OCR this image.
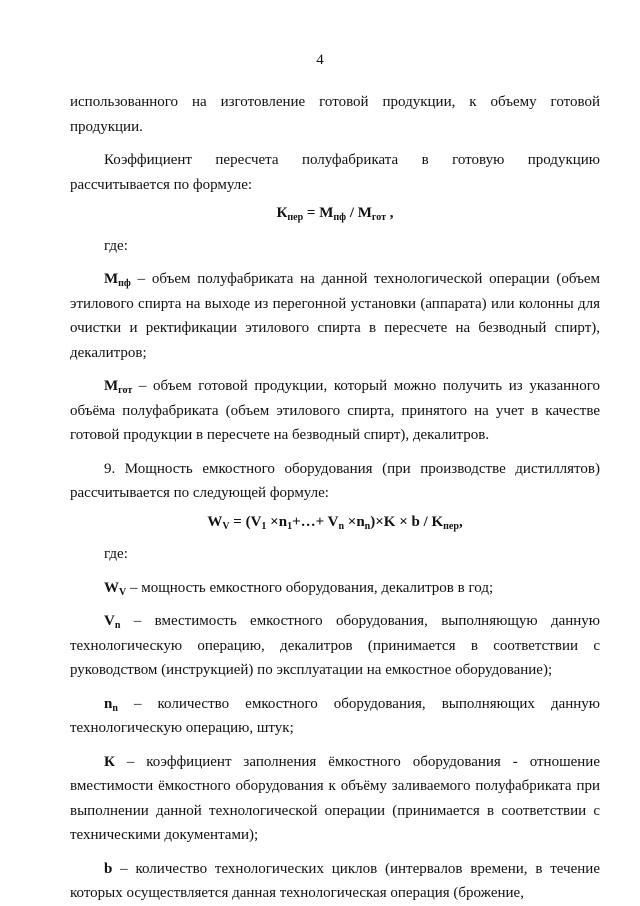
4

использованного на изготовление готовой продукции, к объему готовой продукции.

Коэффициент пересчета полуфабриката в готовую продукцию рассчитывается по формуле:

$К_{пер} = М_{пф} / М_{гот}$ ,

где:

$М_{пф}$ – объем полуфабриката на данной технологической операции (объем этилового спирта на выходе из перегонной установки (аппарата) или колонны для очистки и ректификации этилового спирта в пересчете на безводный спирт), декалитров;

$М_{гот}$ – объем готовой продукции, который можно получить из указанного объёма полуфабриката (объем этилового спирта, принятого на учет в качестве готовой продукции в пересчете на безводный спирт), декалитров.

9. Мощность емкостного оборудования (при производстве дистиллятов) рассчитывается по следующей формуле:

$W_V = (V_1$ $\times n_1+\dots+ V_n \times n_n)\times K \times b / K_{пер}$,

где:

$W_V$ – мощность емкостного оборудования, декалитров в год;

$V_n$ – вместимость емкостного оборудования, выполняющую данную технологическую операцию, декалитров (принимается в соответствии с руководством (инструкцией) по эксплуатации на емкостное оборудование);

$n_n$ – количество емкостного оборудования, выполняющих данную технологическую операцию, штук;

К – коэффициент заполнения ёмкостного оборудования - отношение вместимости ёмкостного оборудования к объёму заливаемого полуфабриката при выполнении данной технологической операции (принимается в соответствии с техническими документами);

b – количество технологических циклов (интервалов времени, в течение которых осуществляется данная технологическая операция (брожение,
